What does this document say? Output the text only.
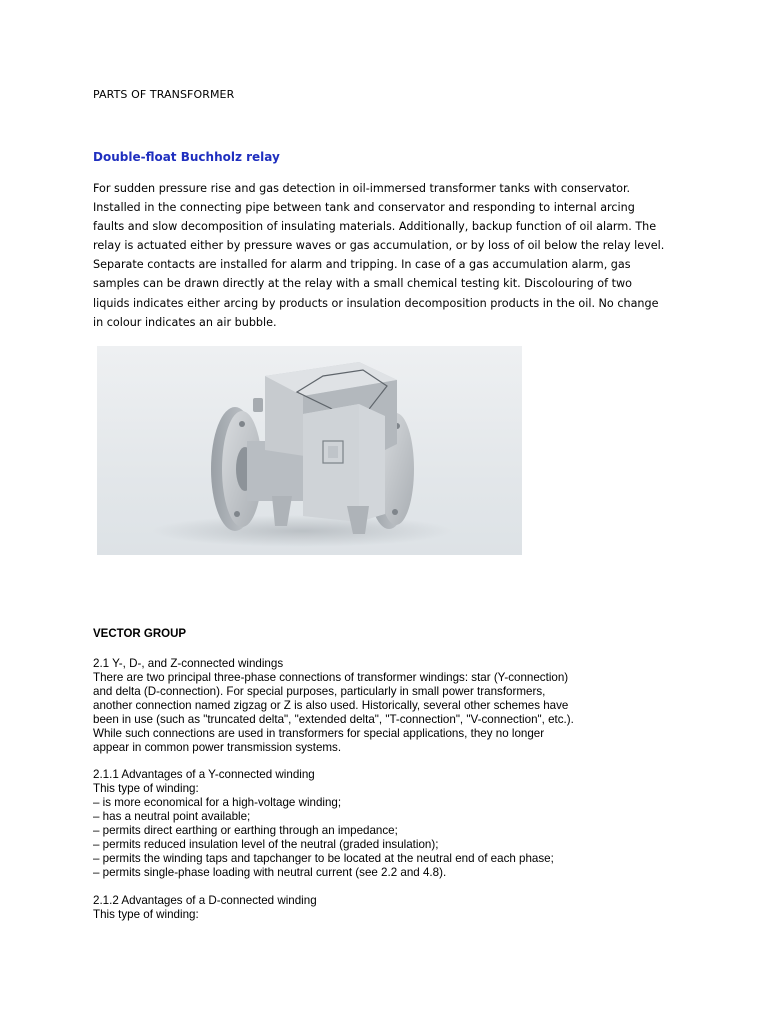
PARTS OF TRANSFORMER
Double-float Buchholz relay
For sudden pressure rise and gas detection in oil-immersed transformer tanks with conservator.
Installed in the connecting pipe between tank and conservator and responding to internal arcing
faults and slow decomposition of insulating materials. Additionally, backup function of oil alarm. The
relay is actuated either by pressure waves or gas accumulation, or by loss of oil below the relay level.
Separate contacts are installed for alarm and tripping. In case of a gas accumulation alarm, gas
samples can be drawn directly at the relay with a small chemical testing kit. Discolouring of two
liquids indicates either arcing by products or insulation decomposition products in the oil. No change
in colour indicates an air bubble.
VECTOR GROUP
2.1 Y-, D-, and Z-connected windings
There are two principal three-phase connections of transformer windings: star (Y-connection)
and delta (D-connection). For special purposes, particularly in small power transformers,
another connection named zigzag or Z is also used. Historically, several other schemes have
been in use (such as "truncated delta", "extended delta", "T-connection", "V-connection", etc.).
While such connections are used in transformers for special applications, they no longer
appear in common power transmission systems.
2.1.1 Advantages of a Y-connected winding
This type of winding:
– is more economical for a high-voltage winding;
– has a neutral point available;
– permits direct earthing or earthing through an impedance;
– permits reduced insulation level of the neutral (graded insulation);
– permits the winding taps and tapchanger to be located at the neutral end of each phase;
– permits single-phase loading with neutral current (see 2.2 and 4.8).
2.1.2 Advantages of a D-connected winding
This type of winding:
